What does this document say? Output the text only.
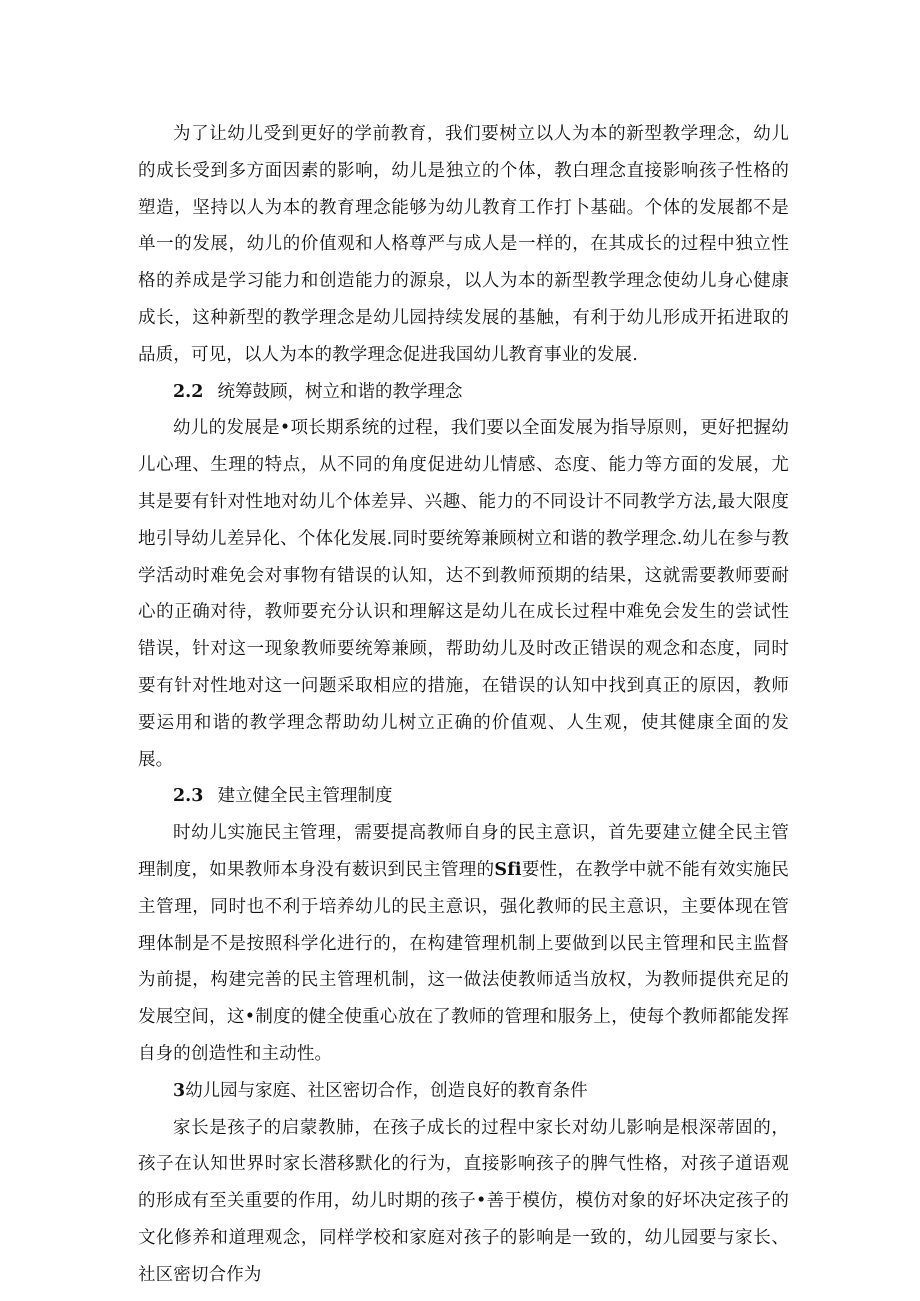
为了让幼儿受到更好的学前教育，我们要树立以人为本的新型教学理念，幼儿的成长受到多方面因素的影响，幼儿是独立的个体，教白理念直接影响孩子性格的塑造，坚持以人为本的教育理念能够为幼儿教育工作打卜基础。个体的发展都不是单一的发展，幼儿的价值观和人格尊严与成人是一样的，在其成长的过程中独立性格的养成是学习能力和创造能力的源泉，以人为本的新型教学理念使幼儿身心健康成长，这种新型的教学理念是幼儿园持续发展的基触，有利于幼儿形成开拓进取的品质，可见，以人为本的教学理念促进我国幼儿教育事业的发展.

2.2 统筹鼓顾，树立和谐的教学理念

幼儿的发展是•项长期系统的过程，我们要以全面发展为指导原则，更好把握幼儿心理、生理的特点，从不同的角度促进幼儿情感、态度、能力等方面的发展，尤其是要有针对性地对幼儿个体差异、兴趣、能力的不同设计不同教学方法,最大限度地引导幼儿差异化、个体化发展.同时要统筹兼顾树立和谐的教学理念.幼儿在参与教学活动时难免会对事物有错误的认知，达不到教师预期的结果，这就需要教师要耐心的正确对待，教师要充分认识和理解这是幼儿在成长过程中难免会发生的尝试性错误，针对这一现象教师要统筹兼顾，帮助幼儿及时改正错误的观念和态度，同时要有针对性地对这一问题采取相应的措施，在错误的认知中找到真正的原因，教师要运用和谐的教学理念帮助幼儿树立正确的价值观、人生观，使其健康全面的发展。

2.3 建立健全民主管理制度

时幼儿实施民主管理，需要提高教师自身的民主意识，首先要建立健全民主管理制度，如果教师本身没有薮识到民主管理的Sfi要性，在教学中就不能有效实施民主管理，同时也不利于培养幼儿的民主意识，强化教师的民主意识，主要体现在管理体制是不是按照科学化进行的，在构建管理机制上要做到以民主管理和民主监督为前提，构建完善的民主管理机制，这一做法使教师适当放权，为教师提供充足的发展空间，这•制度的健全使重心放在了教师的管理和服务上，使每个教师都能发挥自身的创造性和主动性。

3幼儿园与家庭、社区密切合作，创造良好的教育条件

家长是孩子的启蒙教肺，在孩子成长的过程中家长对幼儿影响是根深蒂固的，孩子在认知世界时家长潜移默化的行为，直接影响孩子的脾气性格，对孩子道语观的形成有至关重要的作用，幼儿时期的孩子•善于模仿，模仿对象的好坏决定孩子的文化修养和道理观念，同样学校和家庭对孩子的影响是一致的，幼儿园要与家长、社区密切合作为
